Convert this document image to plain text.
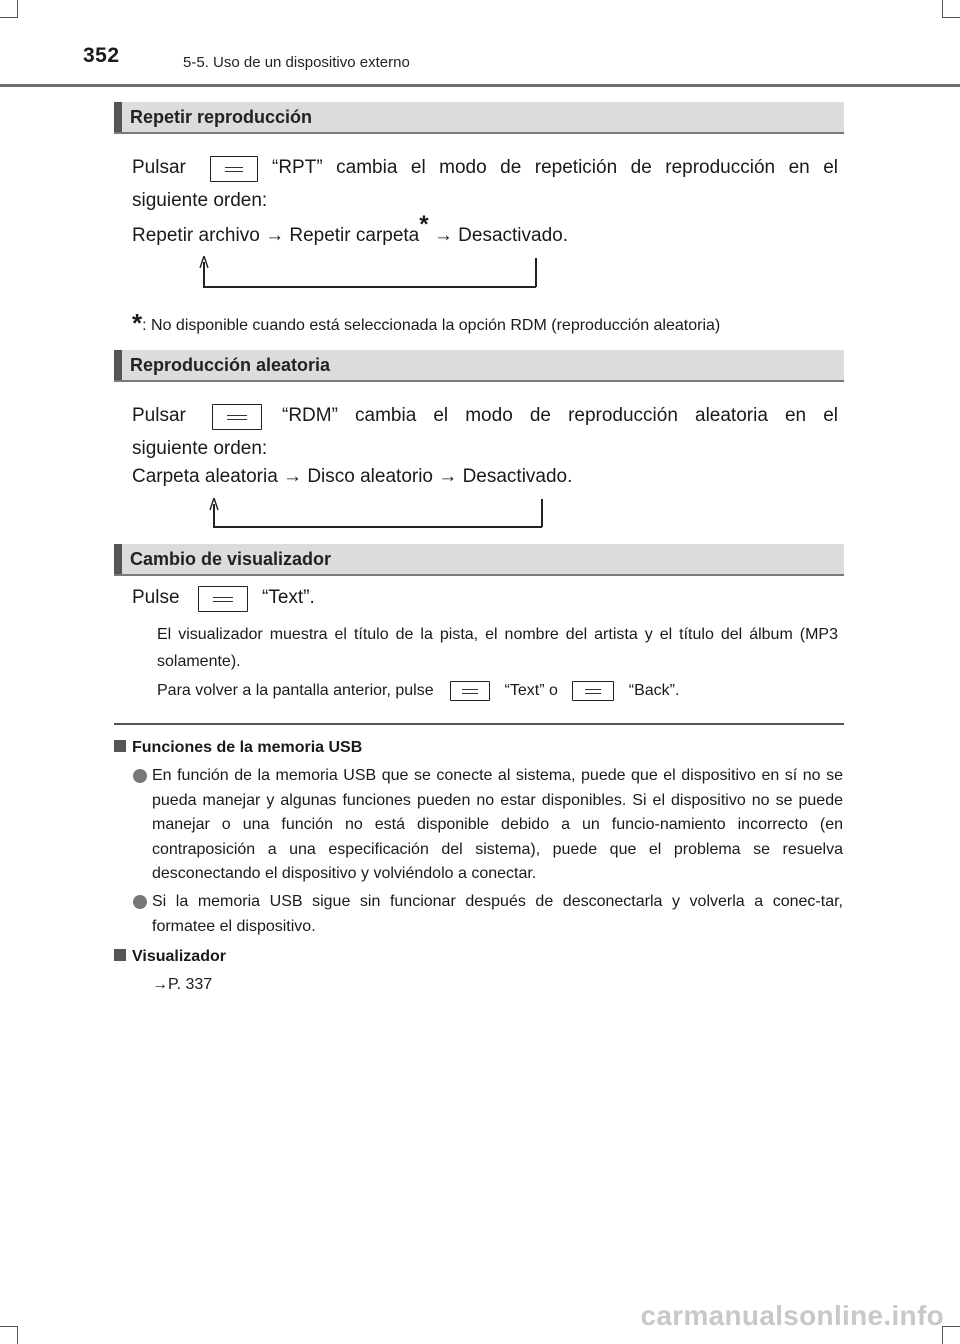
352	5-5. Uso de un dispositivo externo
Repetir reproducción
Pulsar	“RPT” cambia el modo de repetición de reproducción en el
siguiente orden:
Repetir archivo → Repetir carpeta* → Desactivado.
*: No disponible cuando está seleccionada la opción RDM (reproducción aleatoria)
Reproducción aleatoria
Pulsar	“RDM” cambia el modo de reproducción aleatoria en el
siguiente orden:
Carpeta aleatoria → Disco aleatorio → Desactivado.
Cambio de visualizador
Pulse	“Text”.
El visualizador muestra el título de la pista, el nombre del artista y el título del álbum (MP3 solamente).
Para volver a la pantalla anterior, pulse	“Text” o	“Back”.
Funciones de la memoria USB
En función de la memoria USB que se conecte al sistema, puede que el dispositivo en sí no se pueda manejar y algunas funciones pueden no estar disponibles. Si el dispositivo no se puede manejar o una función no está disponible debido a un funcio-namiento incorrecto (en contraposición a una especificación del sistema), puede que el problema se resuelva desconectando el dispositivo y volviéndolo a conectar.
Si la memoria USB sigue sin funcionar después de desconectarla y volverla a conec-tar, formatee el dispositivo.
Visualizador
→P. 337
carmanualsonline.info
